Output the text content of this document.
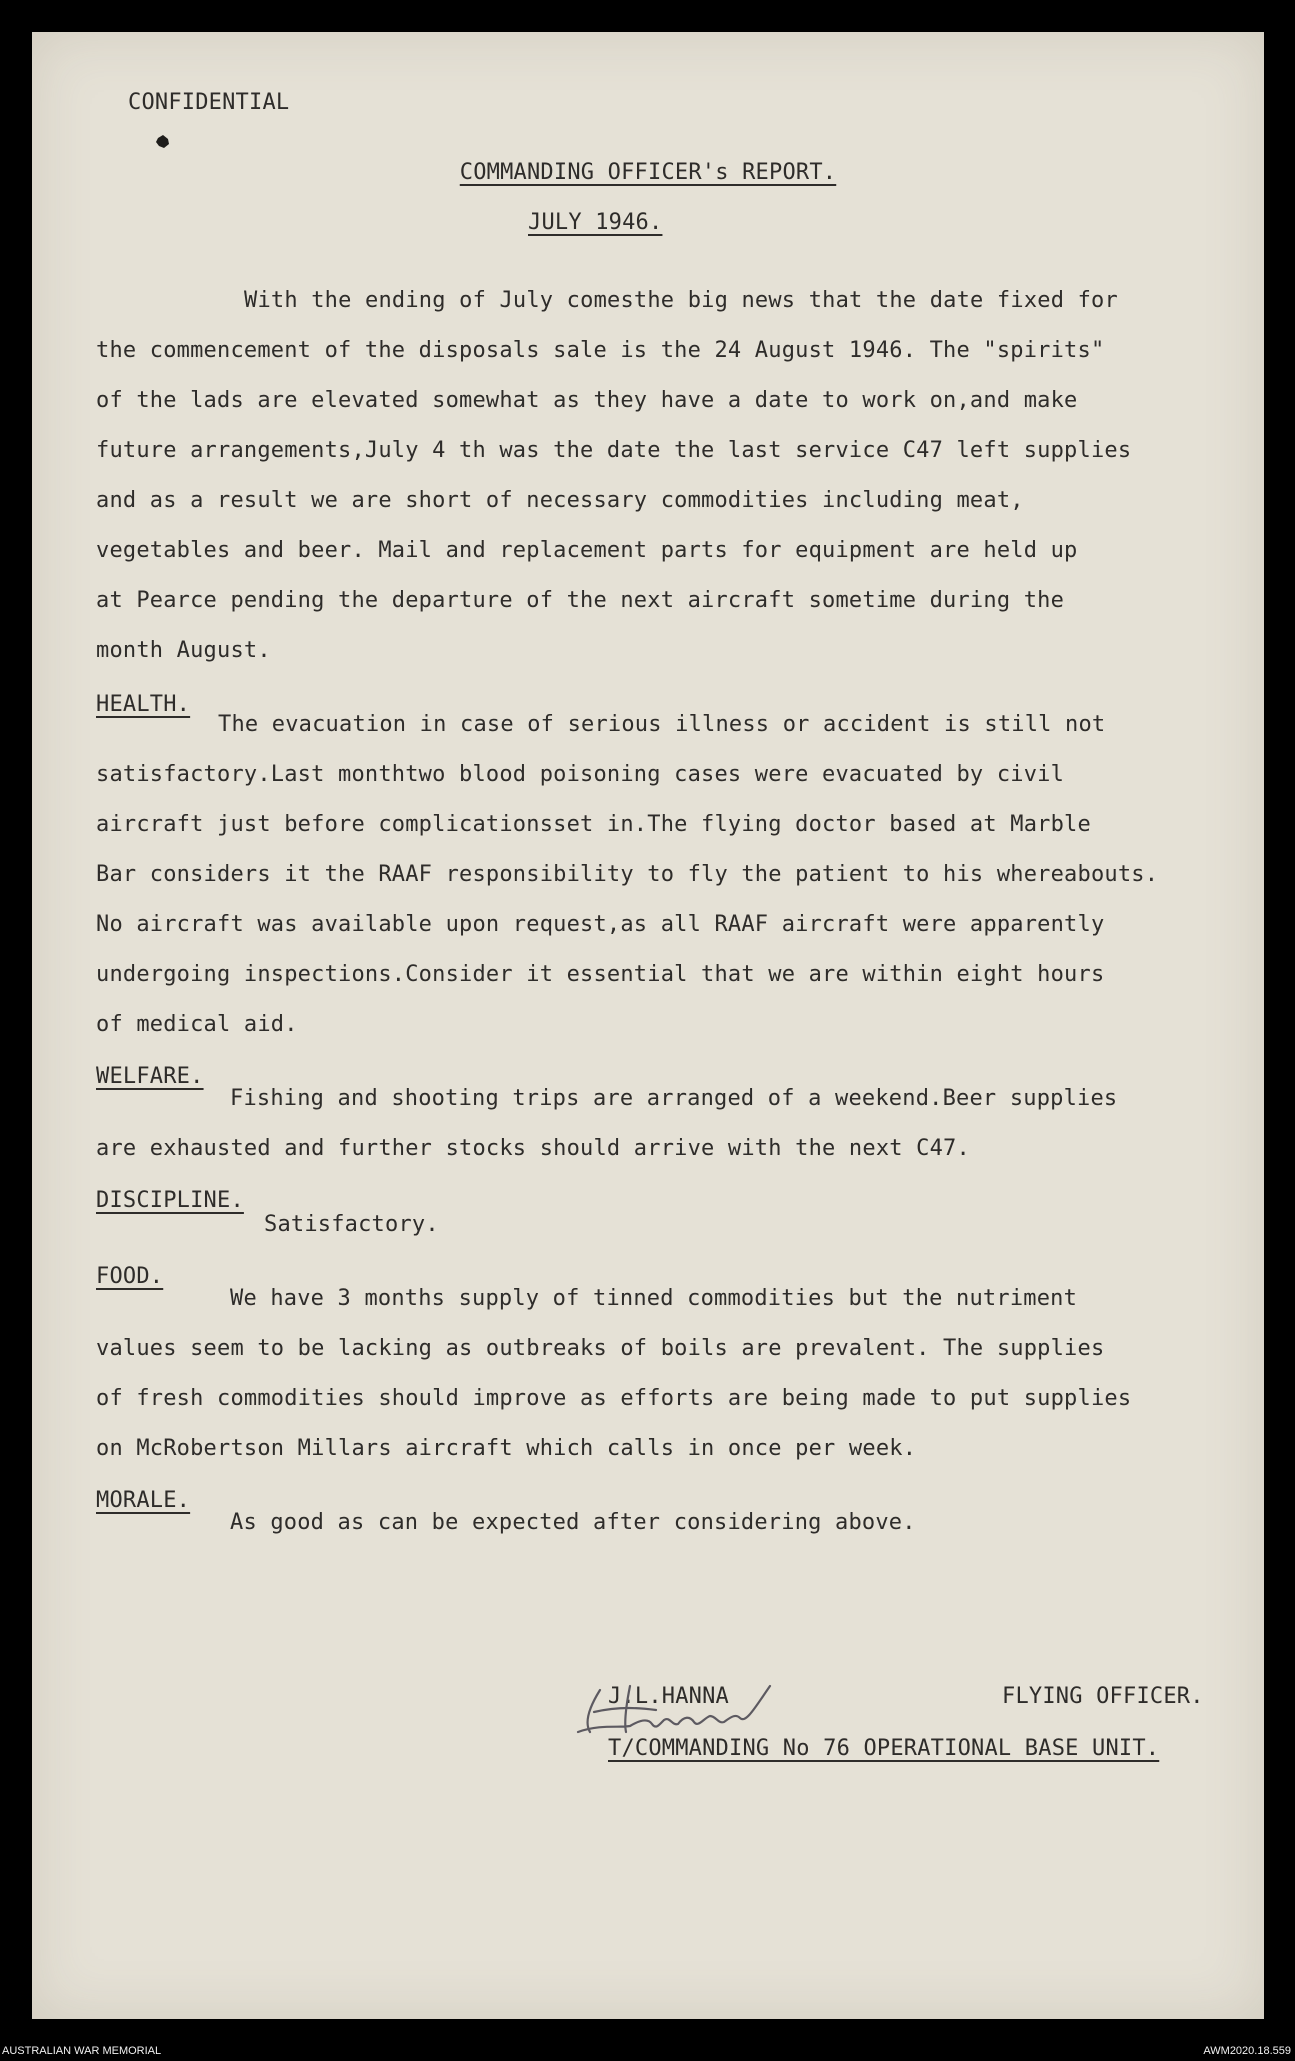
CONFIDENTIAL
COMMANDING OFFICER's REPORT.
JULY 1946.
With the ending of July comesthe big news that the date fixed for
the commencement of the disposals sale is the 24 August 1946. The "spirits"
of the lads are elevated somewhat as they have a date to work on,and make
future arrangements,July 4 th was the date the last service C47 left supplies
and as a result we are short of necessary commodities including meat,
vegetables and beer. Mail and replacement parts for equipment are held up
at Pearce pending the departure of the next aircraft sometime during the
month August.
HEALTH.
The evacuation in case of serious illness or accident is still not
satisfactory.Last monthtwo blood poisoning cases were evacuated by civil
aircraft just before complicationsset in.The flying doctor based at Marble
Bar considers it the RAAF responsibility to fly the patient to his whereabouts.
No aircraft was available upon request,as all RAAF aircraft were apparently
undergoing inspections.Consider it essential that we are within eight hours
of medical aid.
WELFARE.
Fishing and shooting trips are arranged of a weekend.Beer supplies
are exhausted and further stocks should arrive with the next C47.
DISCIPLINE.
Satisfactory.
FOOD.
We have 3 months supply of tinned commodities but the nutriment
values seem to be lacking as outbreaks of boils are prevalent. The supplies
of fresh commodities should improve as efforts are being made to put supplies
on McRobertson Millars aircraft which calls in once per week.
MORALE.
As good as can be expected after considering above.
J.L.HANNA	FLYING OFFICER.
T/COMMANDING No 76 OPERATIONAL BASE UNIT.
AUSTRALIAN WAR MEMORIAL	AWM2020.18.559
